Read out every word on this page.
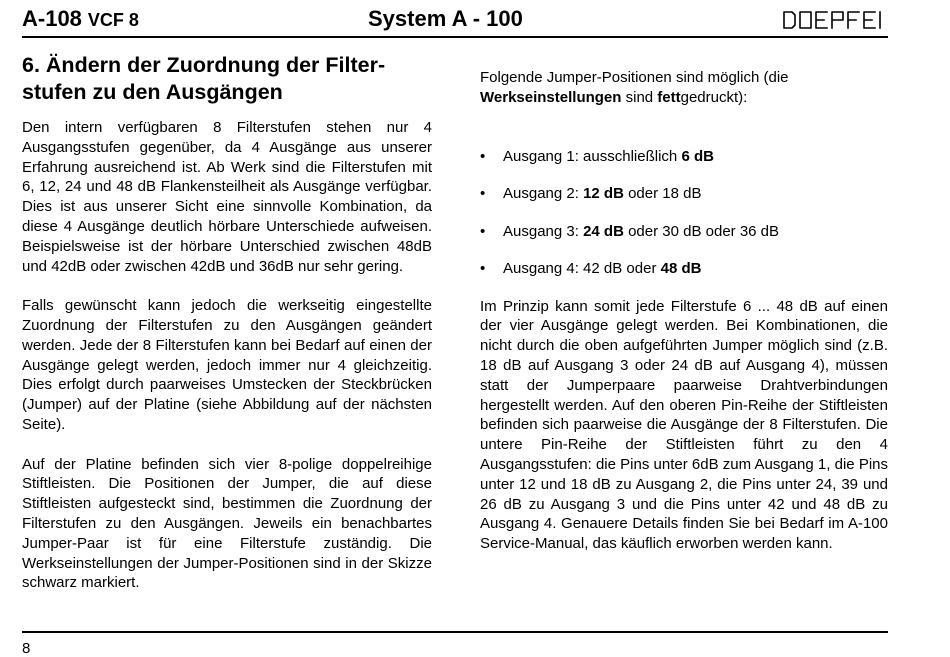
A-108 VCF 8	System A - 100
6. Ändern der Zuordnung der Filter-
stufen zu den Ausgängen

Den intern verfügbaren 8 Filterstufen stehen nur 4 Ausgangsstufen gegenüber, da 4 Ausgänge aus unserer Erfahrung ausreichend ist. Ab Werk sind die Filterstufen mit 6, 12, 24 und 48 dB Flankensteilheit als Ausgänge verfügbar. Dies ist aus unserer Sicht eine sinnvolle Kombination, da diese 4 Ausgänge deutlich hörbare Unterschiede aufweisen. Beispielsweise ist der hörbare Unterschied zwischen 48dB und 42dB oder zwischen 42dB und 36dB nur sehr gering.

Falls gewünscht kann jedoch die werkseitig eingestellte Zuordnung der Filterstufen zu den Ausgängen geändert werden. Jede der 8 Filterstufen kann bei Bedarf auf einen der Ausgänge gelegt werden, jedoch immer nur 4 gleichzeitig. Dies erfolgt durch paarweises Umstecken der Steckbrücken (Jumper) auf der Platine (siehe Abbildung auf der nächsten Seite).

Auf der Platine befinden sich vier 8-polige doppelreihige Stiftleisten. Die Positionen der Jumper, die auf diese Stiftleisten aufgesteckt sind, bestimmen die Zuordnung der Filterstufen zu den Ausgängen. Jeweils ein benachbartes Jumper-Paar ist für eine Filterstufe zuständig. Die Werkseinstellungen der Jumper-Positionen sind in der Skizze schwarz markiert.

Folgende Jumper-Positionen sind möglich (die
Werkseinstellungen sind fettgedruckt):

• Ausgang 1: ausschließlich 6 dB
• Ausgang 2: 12 dB oder 18 dB
• Ausgang 3: 24 dB oder 30 dB oder 36 dB
• Ausgang 4: 42 dB oder 48 dB

Im Prinzip kann somit jede Filterstufe 6 ... 48 dB auf einen der vier Ausgänge gelegt werden. Bei Kombinationen, die nicht durch die oben aufgeführten Jumper möglich sind (z.B. 18 dB auf Ausgang 3 oder 24 dB auf Ausgang 4), müssen statt der Jumperpaare paarweise Drahtverbindungen hergestellt werden. Auf den oberen Pin-Reihe der Stiftleisten befinden sich paarweise die Ausgänge der 8 Filterstufen. Die untere Pin-Reihe der Stiftleisten führt zu den 4 Ausgangsstufen: die Pins unter 6dB zum Ausgang 1, die Pins unter 12 und 18 dB zu Ausgang 2, die Pins unter 24, 39 und 26 dB zu Ausgang 3 und die Pins unter 42 und 48 dB zu Ausgang 4. Genauere Details finden Sie bei Bedarf im A-100 Service-Manual, das käuflich erworben werden kann.

8
